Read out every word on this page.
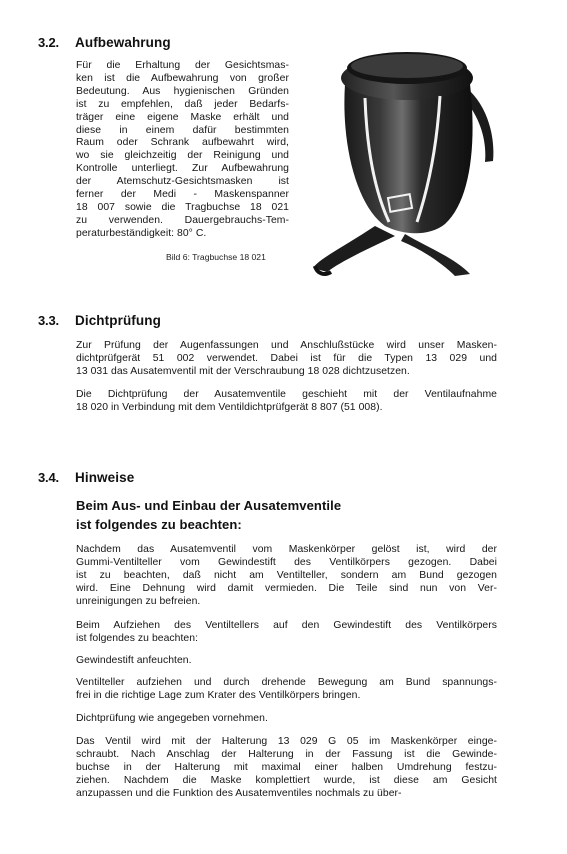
3.2. Aufbewahrung
Für die Erhaltung der Gesichtsmas-
ken ist die Aufbewahrung von großer
Bedeutung. Aus hygienischen Gründen
ist zu empfehlen, daß jeder Bedarfs-
träger eine eigene Maske erhält und
diese in einem dafür bestimmten
Raum oder Schrank aufbewahrt wird,
wo sie gleichzeitig der Reinigung und
Kontrolle unterliegt. Zur Aufbewahrung
der Atemschutz-Gesichtsmasken ist
ferner der Medi - Maskenspanner
18 007 sowie die Tragbuchse 18 021
zu verwenden. Dauergebrauchs-Tem-
peraturbeständigkeit: 80° C.
Bild 6: Tragbuchse 18 021
3.3. Dichtprüfung
Zur Prüfung der Augenfassungen und Anschlußstücke wird unser Masken-
dichtprüfgerät 51 002 verwendet. Dabei ist für die Typen 13 029 und
13 031 das Ausatemventil mit der Verschraubung 18 028 dichtzusetzen.
Die Dichtprüfung der Ausatemventile geschieht mit der Ventilaufnahme
18 020 in Verbindung mit dem Ventildichtprüfgerät 8 807 (51 008).
3.4. Hinweise
Beim Aus- und Einbau der Ausatemventile
ist folgendes zu beachten:
Nachdem das Ausatemventil vom Maskenkörper gelöst ist, wird der
Gummi-Ventilteller vom Gewindestift des Ventilkörpers gezogen. Dabei
ist zu beachten, daß nicht am Ventilteller, sondern am Bund gezogen
wird. Eine Dehnung wird damit vermieden. Die Teile sind nun von Ver-
unreinigungen zu befreien.
Beim Aufziehen des Ventiltellers auf den Gewindestift des Ventilkörpers
ist folgendes zu beachten:
Gewindestift anfeuchten.
Ventilteller aufziehen und durch drehende Bewegung am Bund spannungs-
frei in die richtige Lage zum Krater des Ventilkörpers bringen.
Dichtprüfung wie angegeben vornehmen.
Das Ventil wird mit der Halterung 13 029 G 05 im Maskenkörper einge-
schraubt. Nach Anschlag der Halterung in der Fassung ist die Gewinde-
buchse in der Halterung mit maximal einer halben Umdrehung festzu-
ziehen. Nachdem die Maske komplettiert wurde, ist diese am Gesicht
anzupassen und die Funktion des Ausatemventiles nochmals zu über-
